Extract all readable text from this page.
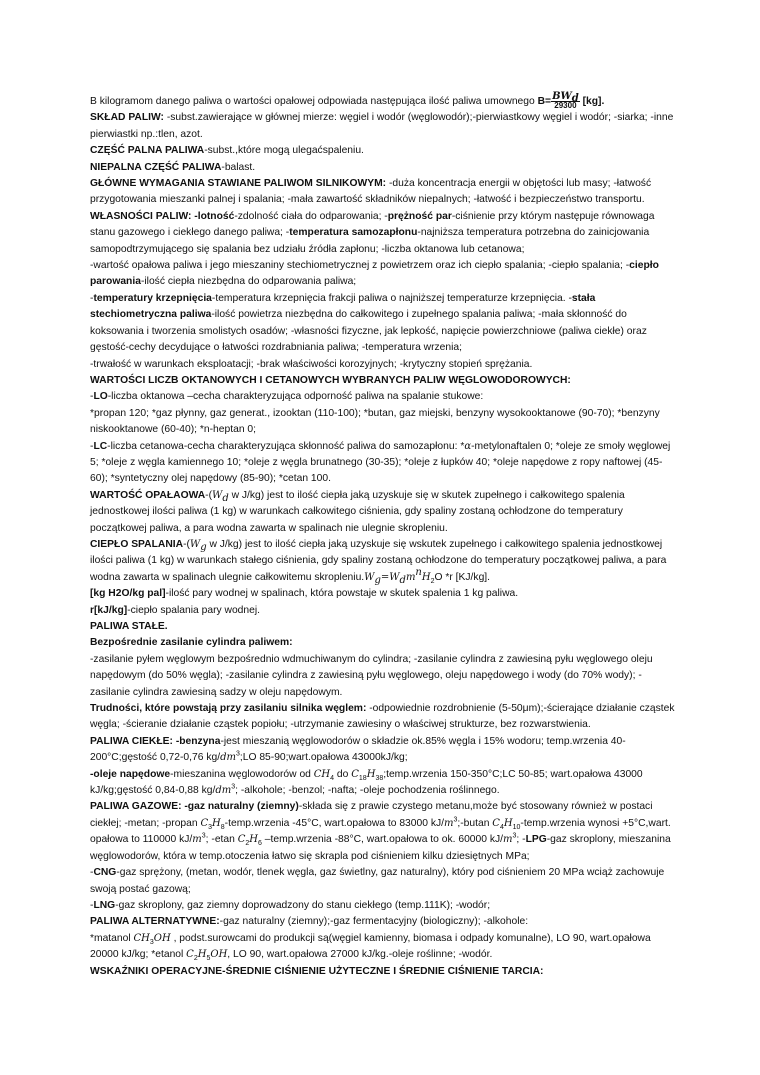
B kilogramom danego paliwa o wartości opałowej odpowiada następująca ilość paliwa umownego $B= \frac{BW_d}{29300} [kg]$.

SKŁAD PALIW: -subst.zawierające w głównej mierze: węgiel i wodór (węglowodór);-pierwiastkowy węgiel i wodór; -siarka; -inne pierwiastki np.:tlen, azot.

CZĘŚĆ PALNA PALIWA-subst.,które mogą ulegaćspaleniu.

NIEPALNA CZĘŚĆ PALIWA-balast.

GŁÓWNE WYMAGANIA STAWIANE PALIWOM SILNIKOWYM: -duża koncentracja energii w objętości lub masy; -łatwość przygotowania mieszanki palnej i spalania; -mała zawartość składników niepalnych; -łatwość i bezpieczeństwo transportu.

WŁASNOŚCI PALIW: -lotność-zdolność ciała do odparowania; -prężność par-ciśnienie przy którym następuje równowaga stanu gazowego i ciekłego danego paliwa; -temperatura samozapłonu-najniższa temperatura potrzebna do zainicjowania samopodtrzymującego się spalania bez udziału źródła zapłonu; -liczba oktanowa lub cetanowa;

-wartość opałowa paliwa i jego mieszaniny stechiometrycznej z powietrzem oraz ich ciepło spalania; -ciepło spalania; -ciepło parowania-ilość ciepła niezbędna do odparowania paliwa;

-temperatury krzepnięcia-temperatura krzepnięcia frakcji paliwa o najniższej temperaturze krzepnięcia. -stała stechiometryczna paliwa-ilość powietrza niezbędna do całkowitego i zupełnego spalania paliwa; -mała skłonność do koksowania i tworzenia smolistych osadów; -własności fizyczne, jak lepkość, napięcie powierzchniowe (paliwa ciekłe) oraz gęstość-cechy decydujące o łatwości rozdrabniania paliwa; -temperatura wrzenia;

-trwałość w warunkach eksploatacji; -brak właściwości korozyjnych; -krytyczny stopień sprężania.

WARTOŚCI LICZB OKTANOWYCH I CETANOWYCH WYBRANYCH PALIW WĘGLOWODOROWYCH:

-LO-liczba oktanowa –cecha charakteryzująca odporność paliwa na spalanie stukowe:

*propan 120; *gaz płynny, gaz generat., izooktan (110-100); *butan, gaz miejski, benzyny wysokooktanowe (90-70); *benzyny niskooktanowe (60-40); *n-heptan 0;

-LC-liczba cetanowa-cecha charakteryzująca skłonność paliwa do samozapłonu: *α-metylonaftalen 0; *oleje ze smoły węglowej 5; *oleje z węgla kamiennego 10; *oleje z węgla brunatnego (30-35); *oleje z łupków 40; *oleje napędowe z ropy naftowej (45-60); *syntetyczny olej napędowy (85-90); *cetan 100.

WARTOŚĆ OPAŁAOWA-($W_d$ w J/kg) jest to ilość ciepła jaką uzyskuje się w skutek zupełnego i całkowitego spalenia jednostkowej ilości paliwa (1 kg) w warunkach całkowitego ciśnienia, gdy spaliny zostaną ochłodzone do temperatury początkowej paliwa, a para wodna zawarta w spalinach nie ulegnie skropleniu.

CIEPŁO SPALANIA-($W_g$ w J/kg) jest to ilość ciepła jaką uzyskuje się wskutek zupełnego i całkowitego spalenia jednostkowej ilości paliwa (1 kg) w warunkach stałego ciśnienia, gdy spaliny zostaną ochłodzone do temperatury początkowej paliwa, a para wodna zawarta w spalinach ulegnie całkowitemu $skropleniu.W_g=W_dm^nH_2O$ *r [KJ/kg].

[kg H2O/kg pal]-ilość pary wodnej w spalinach, która powstaje w skutek spalenia 1 kg paliwa.

r[kJ/kg]-ciepło spalania pary wodnej.

PALIWA STAŁE.

Bezpośrednie zasilanie cylindra paliwem:

-zasilanie pyłem węglowym bezpośrednio wdmuchiwanym do cylindra; -zasilanie cylindra z zawiesiną pyłu węglowego oleju napędowym (do 50% węgla); -zasilanie cylindra z zawiesiną pyłu węglowego, oleju napędowego i wody (do 70% wody); -zasilanie cylindra zawiesiną sadzy w oleju napędowym.

Trudności, które powstają przy zasilaniu silnika węglem: -odpowiednie rozdrobnienie (5-50μm);-ścierające działanie cząstek węgla; -ścieranie działanie cząstek popiołu; -utrzymanie zawiesiny o właściwej strukturze, bez rozwarstwienia.

PALIWA CIEKŁE: -benzyna-jest mieszanią węglowodorów o składzie ok.85% węgla i 15% wodoru; temp.wrzenia 40-200°C;gęstość 0,72-0,76 $kg/dm^3;LO$ 85-90;wart.opałowa 43000kJ/kg;

-oleje napędowe-mieszanina węglowodorów od $CH_4$ do $C_{18}H_{38};temp.wrzenia$ 150-350°C;LC 50-85; wart.opałowa 43000 kJ/kg;gęstość 0,84-0,88 $kg/dm^3$; -alkohole; -benzol; -nafta; -oleje pochodzenia roślinnego.

PALIWA GAZOWE: -gaz naturalny (ziemny)-składa się z prawie czystego metanu,może być stosowany również w postaci ciekłej; -metan; -propan $C_3H_8-temp.wrzenia$ -45°C, wart.opałowa to 83000 $kJ/m^3$;-butan $C_4H_{10}-temp.wrzenia$ wynosi +5°C,wart. opałowa to 110000 $kJ/m^3$; -etan $C_2H_6$ –temp.wrzenia -88°C, wart.opałowa to ok. 60000 $kJ/m^3$; -LPG-gaz skroplony, mieszanina węglowodorów, która w temp.otoczenia łatwo się skrapla pod ciśnieniem kilku dziesiętnych MPa;

-CNG-gaz sprężony, (metan, wodór, tlenek węgla, gaz świetlny, gaz naturalny), który pod ciśnieniem 20 MPa wciąż zachowuje swoją postać gazową;

-LNG-gaz skroplony, gaz ziemny doprowadzony do stanu ciekłego (temp.111K); -wodór;

PALIWA ALTERNATYWNE:-gaz naturalny (ziemny);-gaz fermentacyjny (biologiczny); -alkohole:

*matanol $CH_3OH$ , podst.surowcami do produkcji są(węgiel kamienny, biomasa i odpady komunalne), LO 90, wart.opałowa 20000 kJ/kg; *etanol $C_2H_5OH$, LO 90, wart.opałowa 27000 kJ/kg.-oleje roślinne; -wodór.

WSKAŹNIKI OPERACYJNE-ŚREDNIE CIŚNIENIE UŻYTECZNE I ŚREDNIE CIŚNIENIE TARCIA:
